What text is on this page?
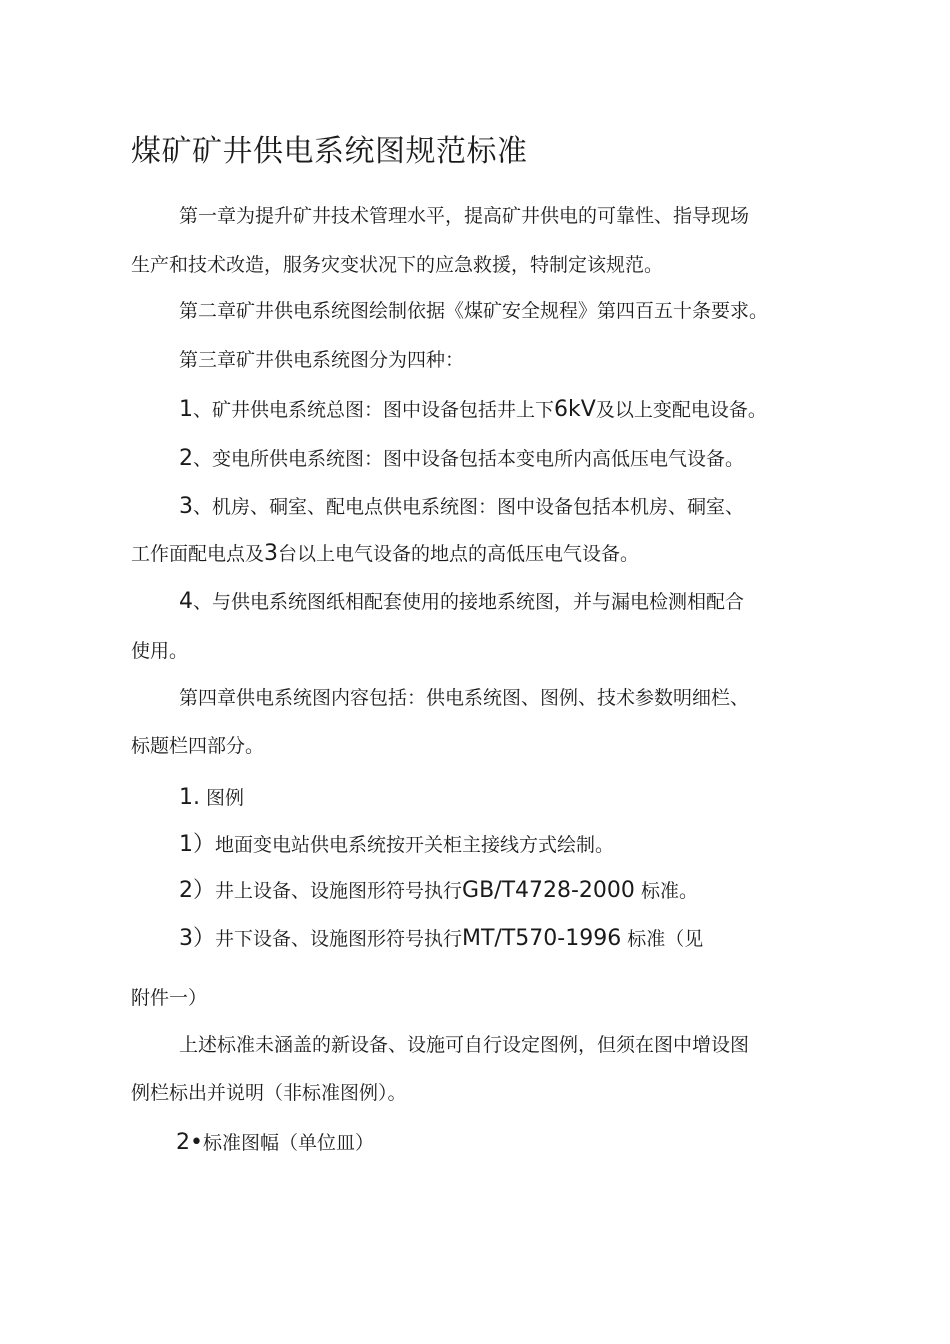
煤矿矿井供电系统图规范标准

第一章为提升矿井技术管理水平，提高矿井供电的可靠性、指导现场

生产和技术改造，服务灾变状况下的应急救援，特制定该规范。

第二章矿井供电系统图绘制依据《煤矿安全规程》第四百五十条要求。

第三章矿井供电系统图分为四种：

1、矿井供电系统总图：图中设备包括井上下6kV及以上变配电设备。

2、变电所供电系统图：图中设备包括本变电所内高低压电气设备。

3、机房、硐室、配电点供电系统图：图中设备包括本机房、硐室、

工作面配电点及3台以上电气设备的地点的高低压电气设备。

4、与供电系统图纸相配套使用的接地系统图，并与漏电检测相配合

使用。

第四章供电系统图内容包括：供电系统图、图例、技术参数明细栏、

标题栏四部分。

1. 图例

1）地面变电站供电系统按开关柜主接线方式绘制。

2）井上设备、设施图形符号执行GB/T4728-2000 标准。

3）井下设备、设施图形符号执行MT/T570-1996 标准（见

附件一）

上述标准未涵盖的新设备、设施可自行设定图例，但须在图中增设图

例栏标出并说明（非标准图例）。

2•标准图幅（单位皿）
